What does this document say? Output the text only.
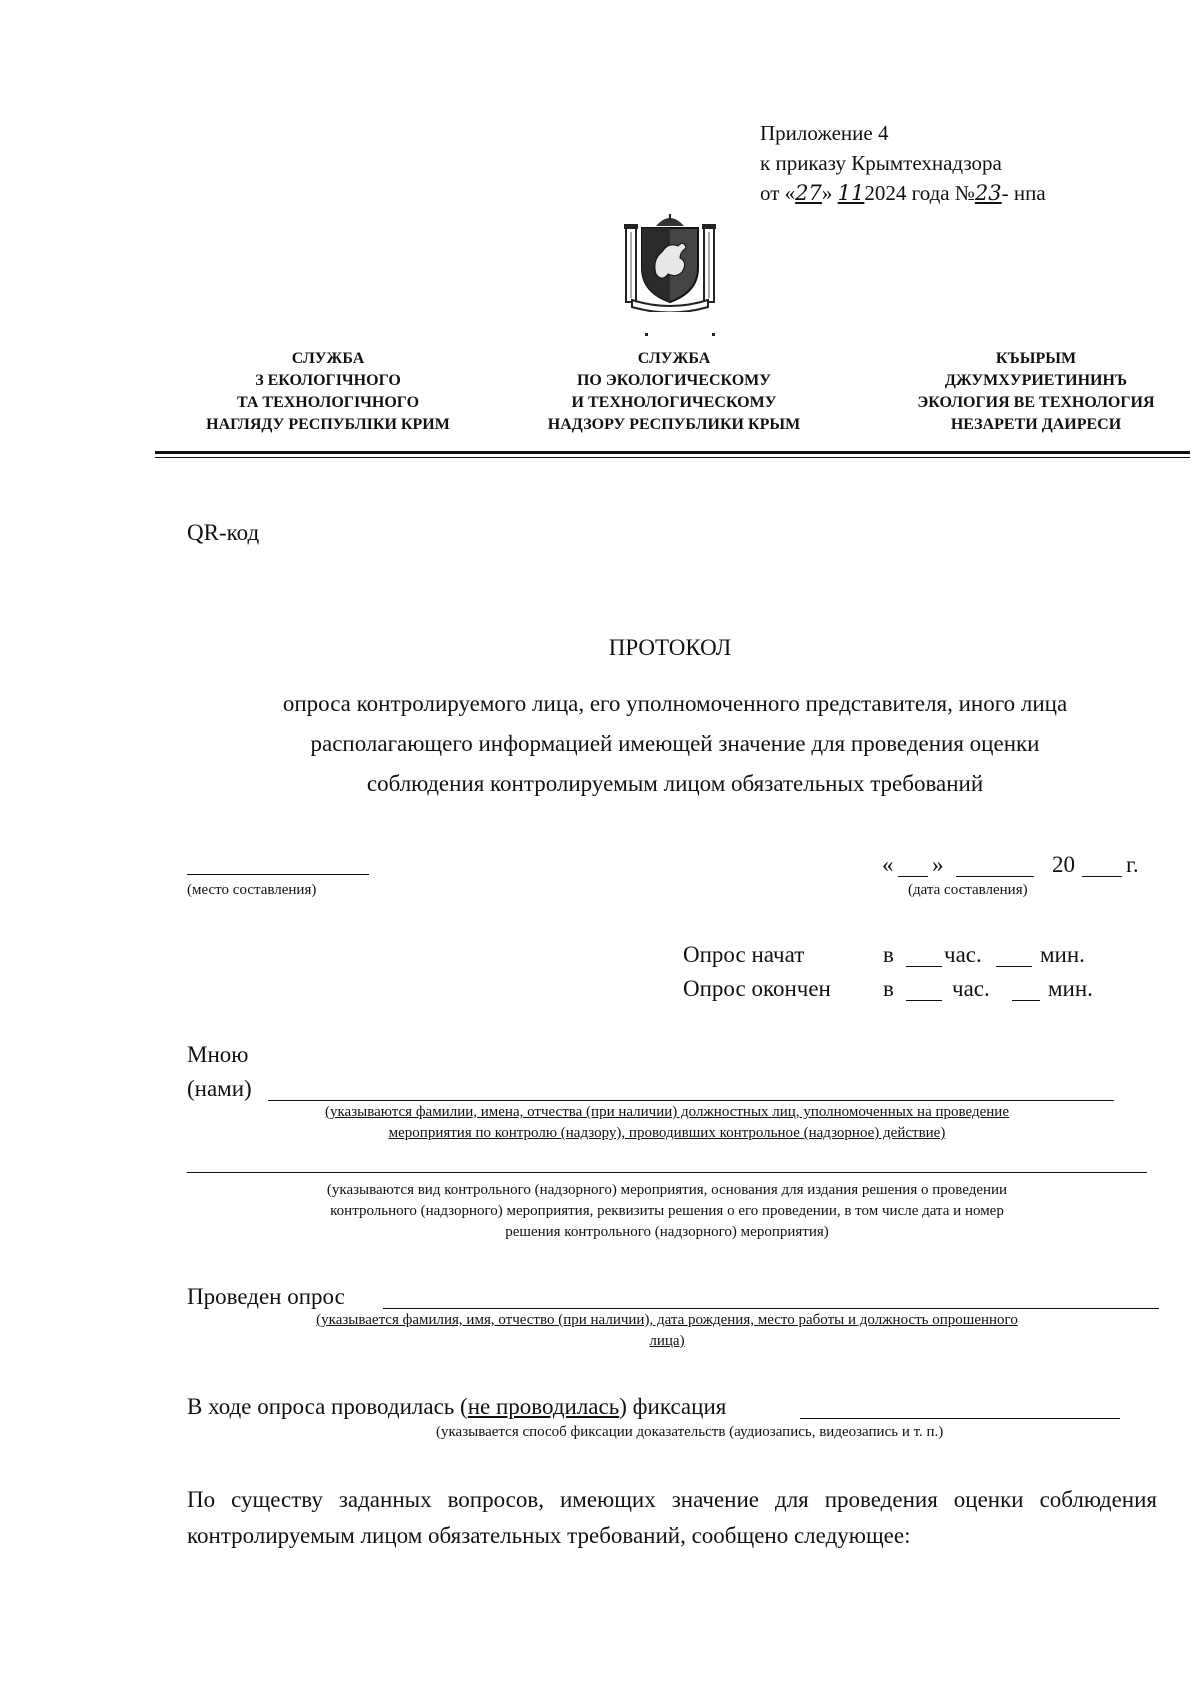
Приложение 4
к приказу Крымтехнадзора
от «27» 112024 года №23- нпа
СЛУЖБА
З ЕКОЛОГІЧНОГО
ТА ТЕХНОЛОГІЧНОГО
НАГЛЯДУ РЕСПУБЛІКИ КРИМ
СЛУЖБА
ПО ЭКОЛОГИЧЕСКОМУ
И ТЕХНОЛОГИЧЕСКОМУ
НАДЗОРУ РЕСПУБЛИКИ КРЫМ
КЪЫРЫМ
ДЖУМХУРИЕТИНИНЪ
ЭКОЛОГИЯ ВЕ ТЕХНОЛОГИЯ
НЕЗАРЕТИ ДАИРЕСИ
QR-код
ПРОТОКОЛ
опроса контролируемого лица, его уполномоченного представителя, иного лица
располагающего информацией имеющей значение для проведения оценки
соблюдения контролируемым лицом обязательных требований
(место составления)
« »	20 г.
(дата составления)
Опрос начат	в час.	мин.
Опрос окончен в	час.	мин.
Мною
(нами)
(указываются фамилии, имена, отчества (при наличии) должностных лиц, уполномоченных на проведение
мероприятия по контролю (надзору), проводивших контрольное (надзорное) действие)
(указываются вид контрольного (надзорного) мероприятия, основания для издания решения о проведении
контрольного (надзорного) мероприятия, реквизиты решения о его проведении, в том числе дата и номер
решения контрольного (надзорного) мероприятия)
Проведен опрос
(указывается фамилия, имя, отчество (при наличии), дата рождения, место работы и должность опрошенного
лица)
В ходе опроса проводилась (не проводилась) фиксация
(указывается способ фиксации доказательств (аудиозапись, видеозапись и т. п.)
По существу заданных вопросов, имеющих значение для проведения оценки соблюдения контролируемым лицом обязательных требований, сообщено следующее:
